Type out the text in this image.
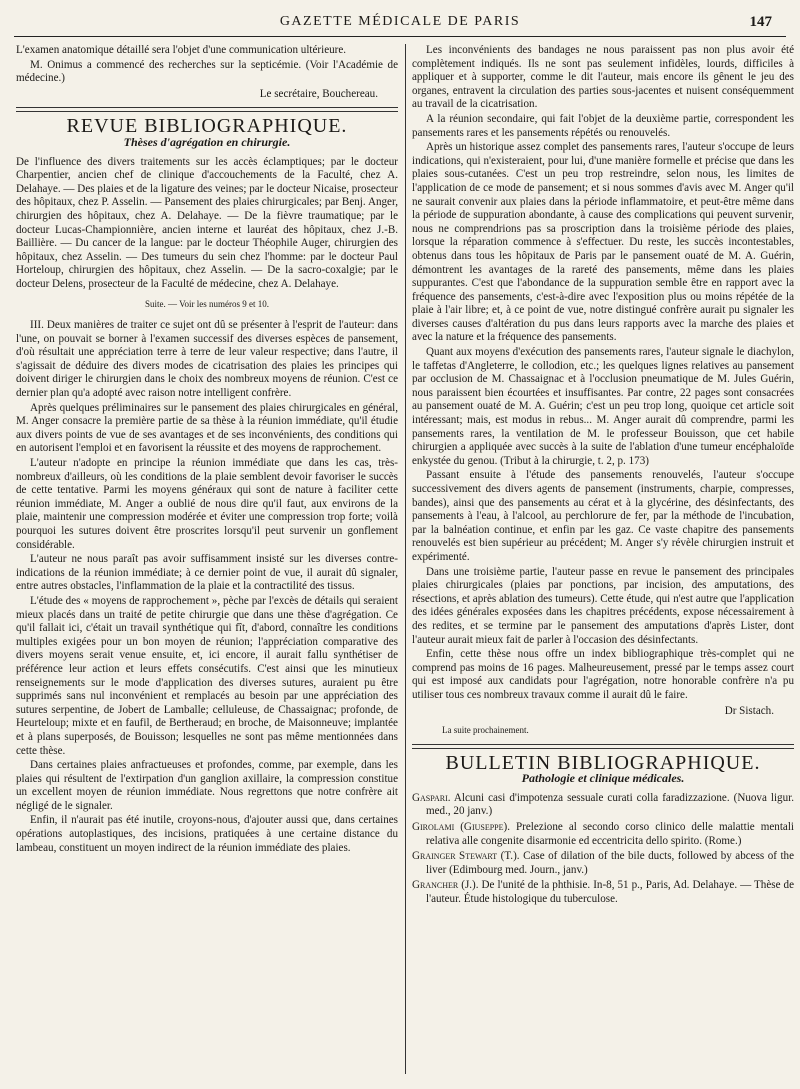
GAZETTE MÉDICALE DE PARIS	147

L'examen anatomique détaillé sera l'objet d'une communication ultérieure.

M. Onimus a commencé des recherches sur la septicémie. (Voir l'Académie de médecine.)

Le secrétaire, Bouchereau.

REVUE BIBLIOGRAPHIQUE.
Thèses d'agrégation en chirurgie.

De l'influence des divers traitements sur les accès éclamptiques; par le docteur Charpentier, ancien chef de clinique d'accouchements de la Faculté, chez A. Delahaye. — Des plaies et de la ligature des veines; par le docteur Nicaise, prosecteur des hôpitaux, chez P. Asselin. — Pansement des plaies chirurgicales; par Benj. Anger, chirurgien des hôpitaux, chez A. Delahaye. — De la fièvre traumatique; par le docteur Lucas-Championnière, ancien interne et lauréat des hôpitaux, chez J.-B. Baillière. — Du cancer de la langue: par le docteur Théophile Auger, chirurgien des hôpitaux, chez Asselin. — Des tumeurs du sein chez l'homme: par le docteur Paul Horteloup, chirurgien des hôpitaux, chez Asselin. — De la sacro-coxalgie; par le docteur Delens, prosecteur de la Faculté de médecine, chez A. Delahaye.

Suite. — Voir les numéros 9 et 10.

III. Deux manières de traiter ce sujet ont dû se présenter à l'esprit de l'auteur: dans l'une, on pouvait se borner à l'examen successif des diverses espèces de pansement, d'où résultait une appréciation terre à terre de leur valeur respective; dans l'autre, il s'agissait de déduire des divers modes de cicatrisation des plaies les principes qui doivent diriger le chirurgien dans le choix des nombreux moyens de réunion. C'est ce dernier plan qu'a adopté avec raison notre intelligent confrère.

Après quelques préliminaires sur le pansement des plaies chirurgicales en général, M. Anger consacre la première partie de sa thèse à la réunion immédiate, qu'il étudie aux divers points de vue de ses avantages et de ses inconvénients, des conditions qui en autorisent l'emploi et en favorisent la réussite et des moyens de rapprochement.

L'auteur n'adopte en principe la réunion immédiate que dans les cas, très-nombreux d'ailleurs, où les conditions de la plaie semblent devoir favoriser le succès de cette tentative. Parmi les moyens généraux qui sont de nature à faciliter cette réunion immédiate, M. Anger a oublié de nous dire qu'il faut, aux environs de la plaie, maintenir une compression modérée et éviter une compression trop forte; voilà pourquoi les sutures doivent être proscrites lorsqu'il peut survenir un gonflement considérable.

L'auteur ne nous paraît pas avoir suffisamment insisté sur les diverses contre-indications de la réunion immédiate; à ce dernier point de vue, il aurait dû signaler, entre autres obstacles, l'inflammation de la plaie et la contractilité des tissus.

L'étude des « moyens de rapprochement », pèche par l'excès de détails qui seraient mieux placés dans un traité de petite chirurgie que dans une thèse d'agrégation. Ce qu'il fallait ici, c'était un travail synthétique qui fît, d'abord, connaître les conditions multiples exigées pour un bon moyen de réunion; l'appréciation comparative des divers moyens serait venue ensuite, et, ici encore, il aurait fallu synthétiser de préférence leur action et leurs effets consécutifs. C'est ainsi que les minutieux renseignements sur le mode d'application des diverses sutures, auraient pu être supprimés sans nul inconvénient et remplacés au besoin par une appréciation des sutures serpentine, de Jobert de Lamballe; celluleuse, de Chassaignac; profonde, de Heurteloup; mixte et en faufil, de Bertheraud; en broche, de Maisonneuve; implantée et à plans superposés, de Bouisson; lesquelles ne sont pas même mentionnées dans cette thèse.

Dans certaines plaies anfractueuses et profondes, comme, par exemple, dans les plaies qui résultent de l'extirpation d'un ganglion axillaire, la compression constitue un excellent moyen de réunion immédiate. Nous regrettons que notre confrère ait négligé de le signaler.

Enfin, il n'aurait pas été inutile, croyons-nous, d'ajouter aussi que, dans certaines opérations autoplastiques, des incisions, pratiquées à une certaine distance du lambeau, constituent un moyen indirect de la réunion immédiate des plaies.

Les inconvénients des bandages ne nous paraissent pas non plus avoir été complètement indiqués. Ils ne sont pas seulement infidèles, lourds, difficiles à appliquer et à supporter, comme le dit l'auteur, mais encore ils gênent le jeu des organes, entravent la circulation des parties sous-jacentes et nuisent conséquemment au travail de la cicatrisation.

A la réunion secondaire, qui fait l'objet de la deuxième partie, correspondent les pansements rares et les pansements répétés ou renouvelés.

Après un historique assez complet des pansements rares, l'auteur s'occupe de leurs indications, qui n'existeraient, pour lui, d'une manière formelle et précise que dans les plaies sous-cutanées. C'est un peu trop restreindre, selon nous, les limites de l'application de ce mode de pansement; et si nous sommes d'avis avec M. Anger qu'il ne saurait convenir aux plaies dans la période inflammatoire, et peut-être même dans la période de suppuration abondante, à cause des complications qui peuvent survenir, nous ne comprendrions pas sa proscription dans la troisième période des plaies, lorsque la réparation commence à s'effectuer. Du reste, les succès incontestables, obtenus dans tous les hôpitaux de Paris par le pansement ouaté de M. A. Guérin, démontrent les avantages de la rareté des pansements, même dans les plaies suppurantes. C'est que l'abondance de la suppuration semble être en rapport avec la fréquence des pansements, c'est-à-dire avec l'exposition plus ou moins répétée de la plaie à l'air libre; et, à ce point de vue, notre distingué confrère aurait pu signaler les diverses causes d'altération du pus dans leurs rapports avec la marche des plaies et avec la nature et la fréquence des pansements.

Quant aux moyens d'exécution des pansements rares, l'auteur signale le diachylon, le taffetas d'Angleterre, le collodion, etc.; les quelques lignes relatives au pansement par occlusion de M. Chassaignac et à l'occlusion pneumatique de M. Jules Guérin, nous paraissent bien écourtées et insuffisantes. Par contre, 22 pages sont consacrées au pansement ouaté de M. A. Guérin; c'est un peu trop long, quoique cet article soit intéressant; mais, est modus in rebus... M. Anger aurait dû comprendre, parmi les pansements rares, la ventilation de M. le professeur Bouisson, que cet habile chirurgien a appliquée avec succès à la suite de l'ablation d'une tumeur encéphaloïde enkystée du genou. (Tribut à la chirurgie, t. 2, p. 173)

Passant ensuite à l'étude des pansements renouvelés, l'auteur s'occupe successivement des divers agents de pansement (instruments, charpie, compresses, bandes), ainsi que des pansements au cérat et à la glycérine, des désinfectants, des pansements à l'eau, à l'alcool, au perchlorure de fer, par la méthode de l'incubation, par la balnéation continue, et enfin par les gaz. Ce vaste chapitre des pansements renouvelés est bien supérieur au précédent; M. Anger s'y révèle chirurgien instruit et expérimenté.

Dans une troisième partie, l'auteur passe en revue le pansement des principales plaies chirurgicales (plaies par ponctions, par incision, des amputations, des résections, et après ablation des tumeurs). Cette étude, qui n'est autre que l'application des idées générales exposées dans les chapitres précédents, expose nécessairement à des redites, et se termine par le pansement des amputations d'après Lister, dont l'auteur aurait mieux fait de parler à l'occasion des désinfectants.

Enfin, cette thèse nous offre un index bibliographique très-complet qui ne comprend pas moins de 16 pages. Malheureusement, pressé par le temps assez court qui est imposé aux candidats pour l'agrégation, notre honorable confrère n'a pu utiliser tous ces nombreux travaux comme il aurait dû le faire.

Dr Sistach.

La suite prochainement.
BULLETIN BIBLIOGRAPHIQUE.
Pathologie et clinique médicales.

Gaspari. Alcuni casi d'impotenza sessuale curati colla faradizzazione. (Nuova ligur. med., 20 janv.)

Girolami (Giuseppe). Prelezione al secondo corso clinico delle malattie mentali relativa alle congenite disarmonie ed eccentricita dello spirito. (Rome.)

Grainger Stewart (T.). Case of dilation of the bile ducts, followed by abcess of the liver (Edimbourg med. Journ., janv.)

Grancher (J.). De l'unité de la phthisie. In-8, 51 p., Paris, Ad. Delahaye. — Thèse de l'auteur. Étude histologique du tuberculose.
